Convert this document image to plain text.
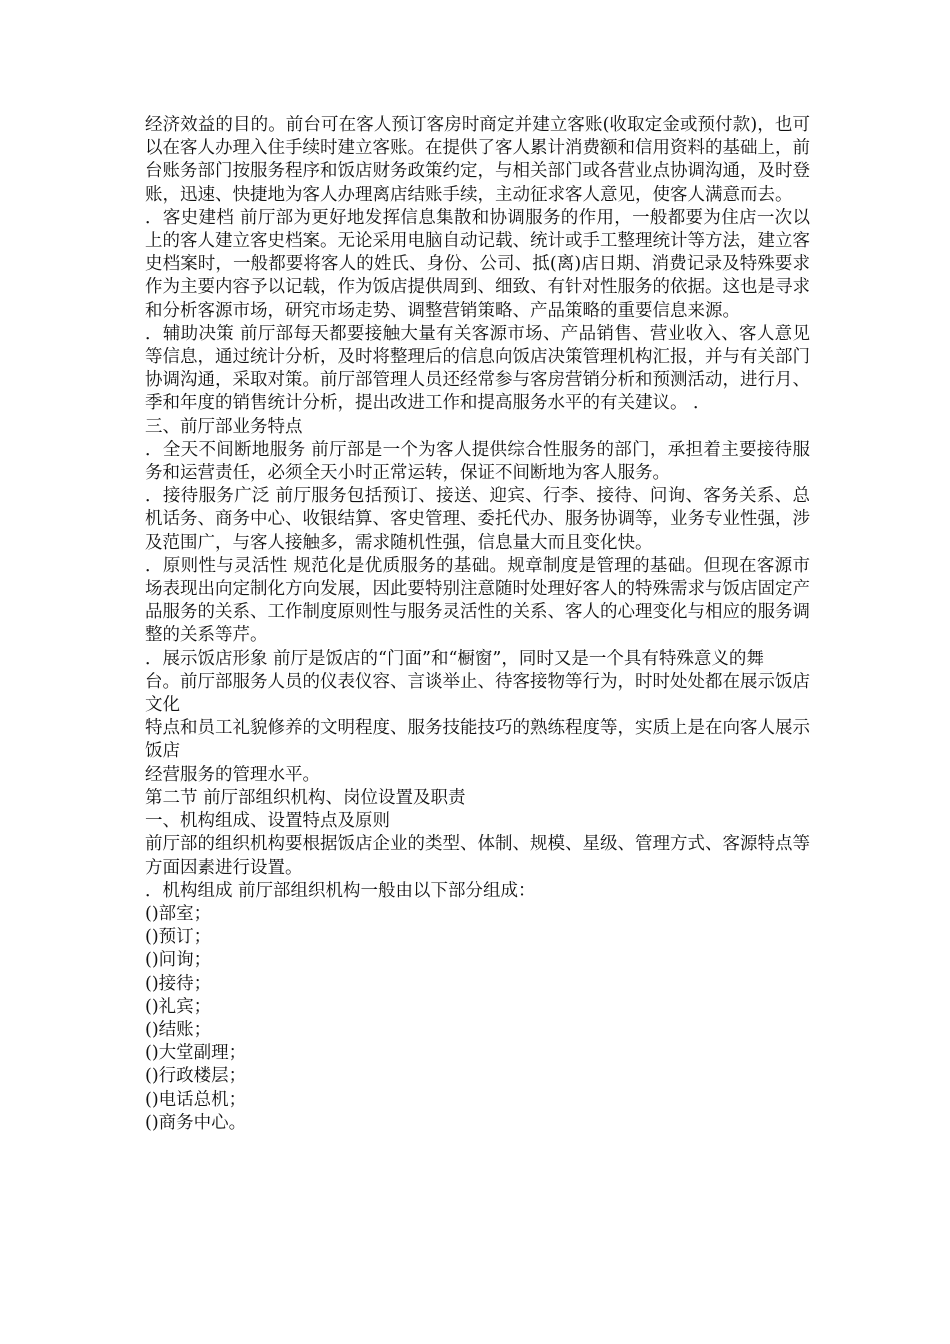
经济效益的目的。前台可在客人预订客房时商定并建立客账(收取定金或预付款)，也可以在客人办理入住手续时建立客账。在提供了客人累计消费额和信用资料的基础上，前台账务部门按服务程序和饭店财务政策约定，与相关部门或各营业点协调沟通，及时登账，迅速、快捷地为客人办理离店结账手续，主动征求客人意见，使客人满意而去。
．客史建档 前厅部为更好地发挥信息集散和协调服务的作用，一般都要为住店一次以上的客人建立客史档案。无论采用电脑自动记载、统计或手工整理统计等方法，建立客史档案时，一般都要将客人的姓氏、身份、公司、抵(离)店日期、消费记录及特殊要求作为主要内容予以记载，作为饭店提供周到、细致、有针对性服务的依据。这也是寻求和分析客源市场，研究市场走势、调整营销策略、产品策略的重要信息来源。
．辅助决策 前厅部每天都要接触大量有关客源市场、产品销售、营业收入、客人意见等信息，通过统计分析，及时将整理后的信息向饭店决策管理机构汇报，并与有关部门协调沟通，采取对策。前厅部管理人员还经常参与客房营销分析和预测活动，进行月、季和年度的销售统计分析，提出改进工作和提高服务水平的有关建议。 ．
三、前厅部业务特点
．全天不间断地服务 前厅部是一个为客人提供综合性服务的部门，承担着主要接待服务和运营责任，必须全天小时正常运转，保证不间断地为客人服务。
．接待服务广泛 前厅服务包括预订、接送、迎宾、行李、接待、问询、客务关系、总机话务、商务中心、收银结算、客史管理、委托代办、服务协调等，业务专业性强，涉及范围广，与客人接触多，需求随机性强，信息量大而且变化快。
．原则性与灵活性 规范化是优质服务的基础。规章制度是管理的基础。但现在客源市场表现出向定制化方向发展，因此要特别注意随时处理好客人的特殊需求与饭店固定产品服务的关系、工作制度原则性与服务灵活性的关系、客人的心理变化与相应的服务调整的关系等芹。
．展示饭店形象 前厅是饭店的“门面”和“橱窗”，同时又是一个具有特殊意义的舞
台。前厅部服务人员的仪表仪容、言谈举止、待客接物等行为，时时处处都在展示饭店文化
特点和员工礼貌修养的文明程度、服务技能技巧的熟练程度等，实质上是在向客人展示饭店
经营服务的管理水平。
第二节 前厅部组织机构、岗位设置及职责
一、机构组成、设置特点及原则
前厅部的组织机构要根据饭店企业的类型、体制、规模、星级、管理方式、客源特点等
方面因素进行设置。
．机构组成 前厅部组织机构一般由以下部分组成：
()部室；
()预订；
()问询；
()接待；
()礼宾；
()结账；
()大堂副理；
()行政楼层；
()电话总机；
()商务中心。
